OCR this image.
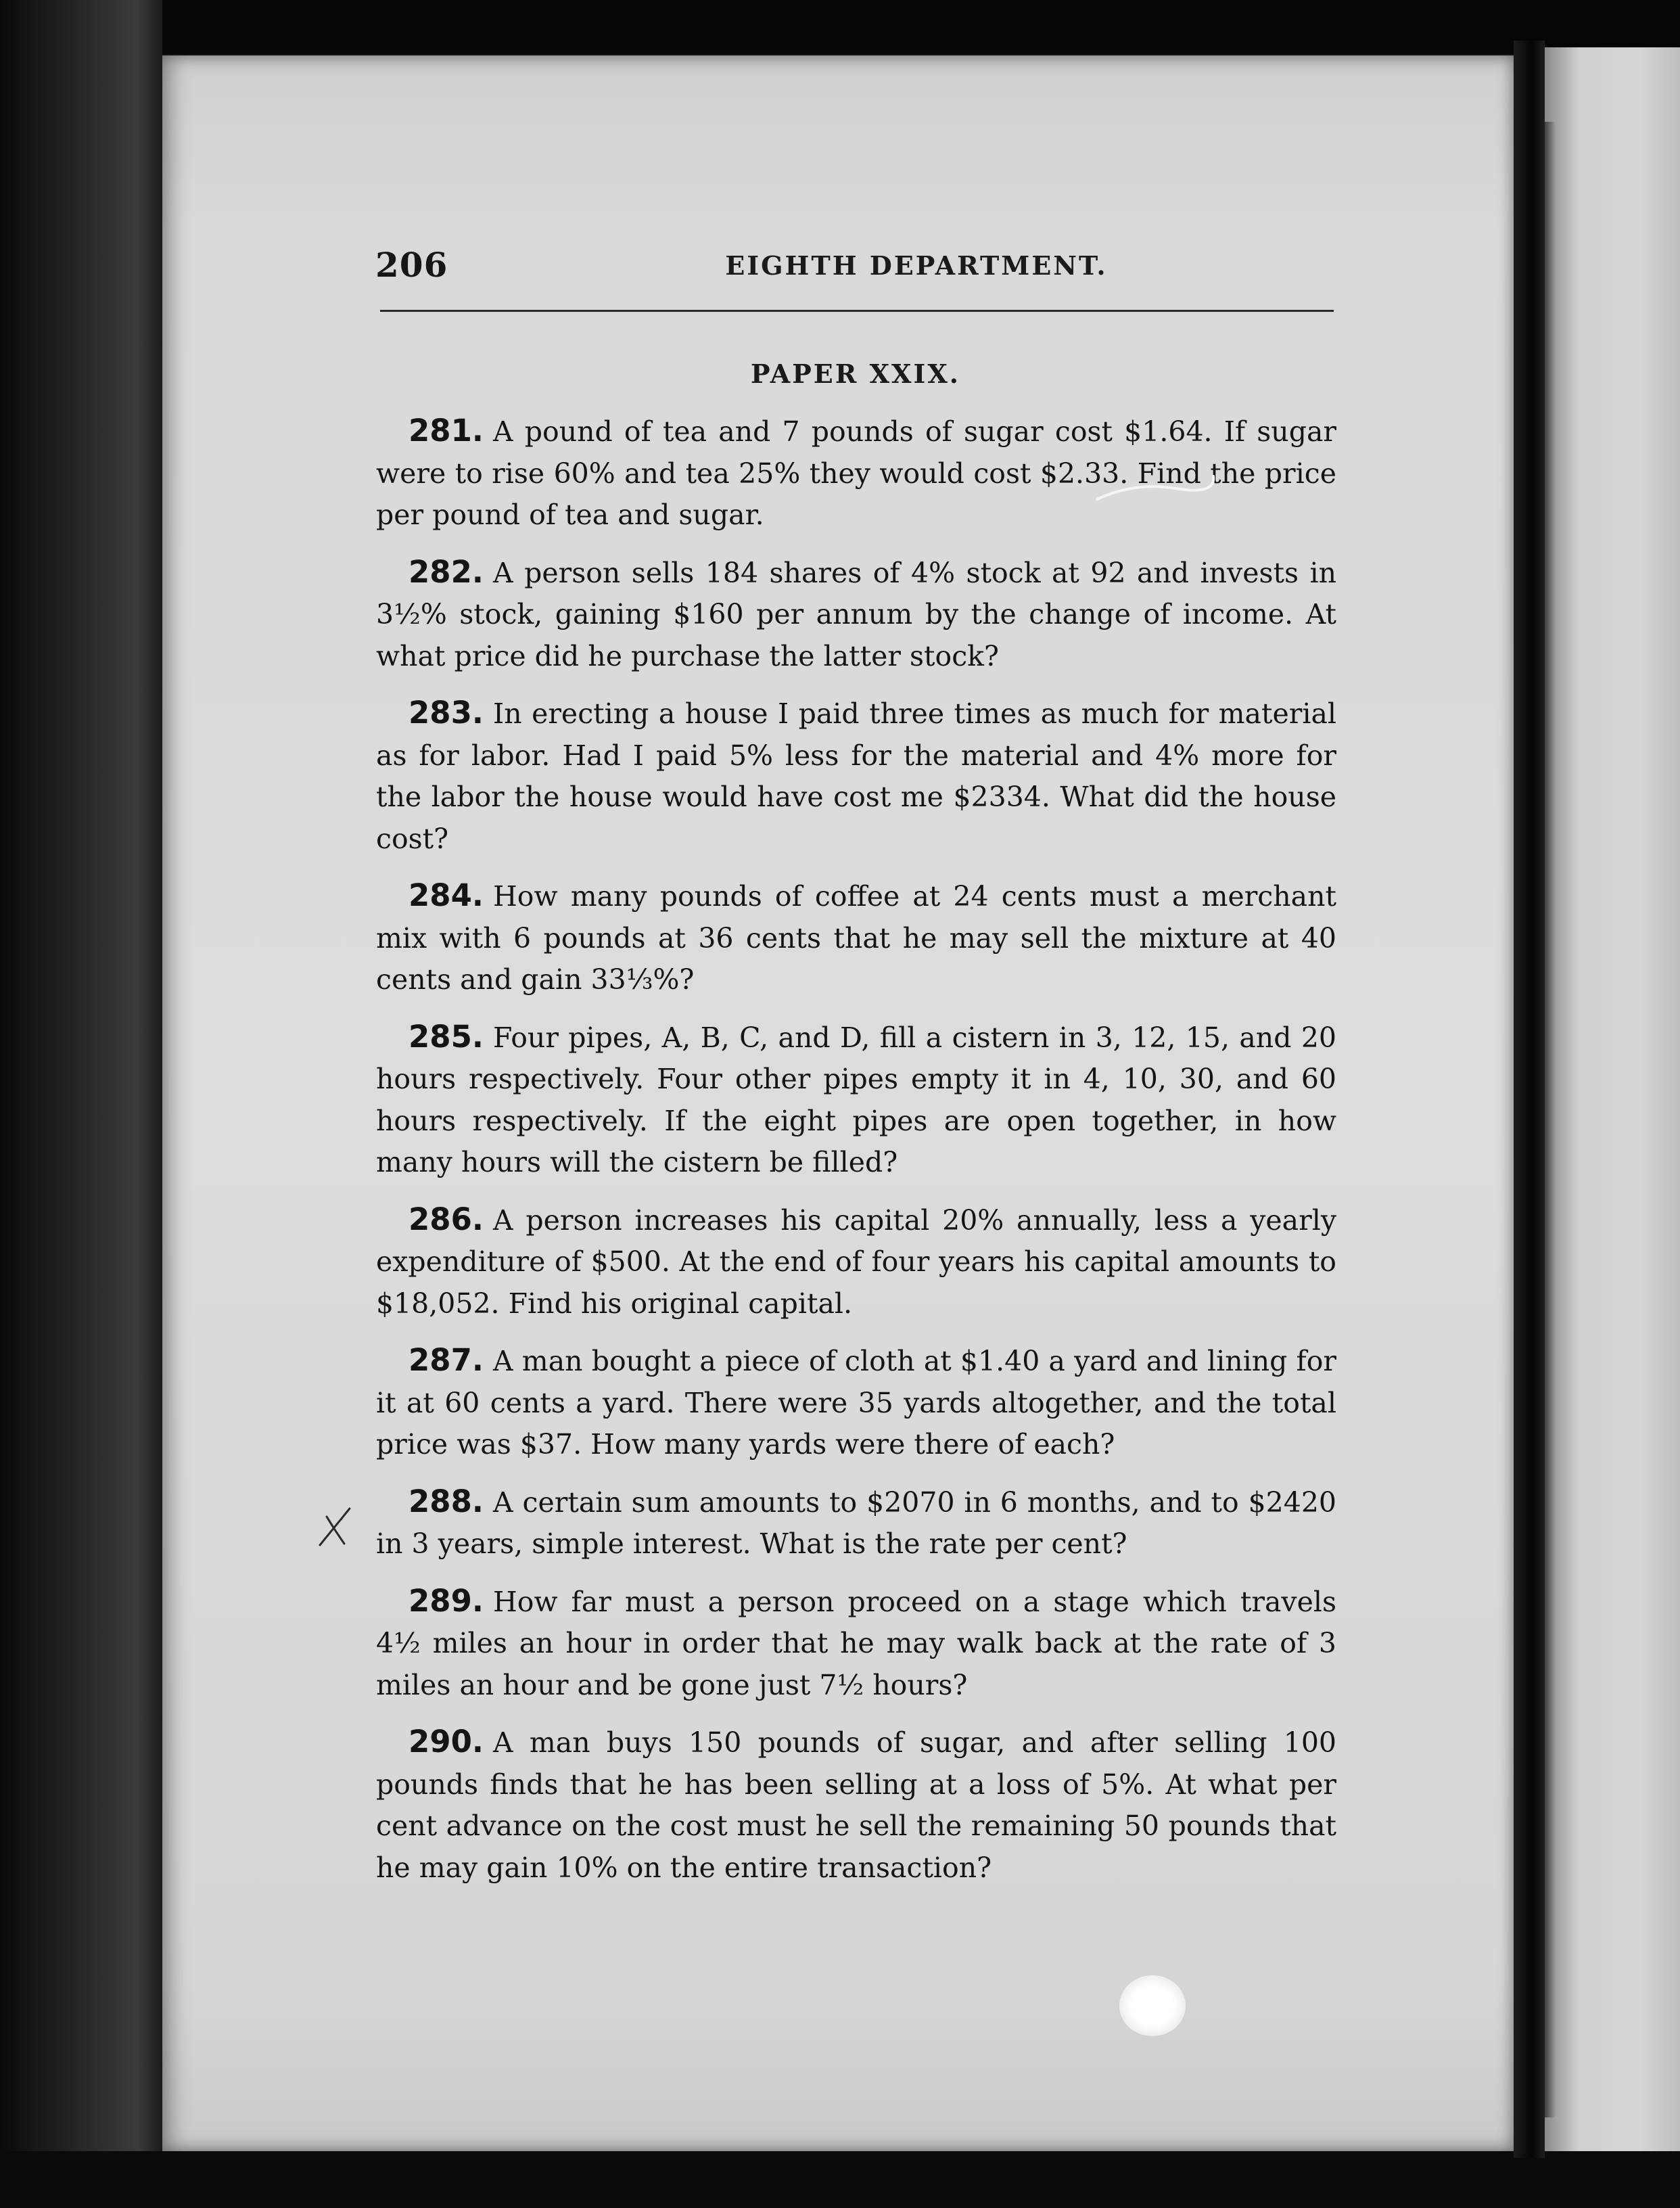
206	EIGHTH DEPARTMENT.
PAPER XXIX.

281. A pound of tea and 7 pounds of sugar cost $1.64. If sugar were to rise 60% and tea 25% they would cost $2.33. Find the price per pound of tea and sugar.

282. A person sells 184 shares of 4% stock at 92 and invests in 3½% stock, gaining $160 per annum by the change of income. At what price did he purchase the latter stock?

283. In erecting a house I paid three times as much for material as for labor. Had I paid 5% less for the material and 4% more for the labor the house would have cost me $2334. What did the house cost?

284. How many pounds of coffee at 24 cents must a merchant mix with 6 pounds at 36 cents that he may sell the mixture at 40 cents and gain 33⅓%?

285. Four pipes, A, B, C, and D, fill a cistern in 3, 12, 15, and 20 hours respectively. Four other pipes empty it in 4, 10, 30, and 60 hours respectively. If the eight pipes are open together, in how many hours will the cistern be filled?

286. A person increases his capital 20% annually, less a yearly expenditure of $500. At the end of four years his capital amounts to $18,052. Find his original capital.

287. A man bought a piece of cloth at $1.40 a yard and lining for it at 60 cents a yard. There were 35 yards altogether, and the total price was $37. How many yards were there of each?

288. A certain sum amounts to $2070 in 6 months, and to $2420 in 3 years, simple interest. What is the rate per cent?

289. How far must a person proceed on a stage which travels 4½ miles an hour in order that he may walk back at the rate of 3 miles an hour and be gone just 7½ hours?

290. A man buys 150 pounds of sugar, and after selling 100 pounds finds that he has been selling at a loss of 5%. At what per cent advance on the cost must he sell the remaining 50 pounds that he may gain 10% on the entire transaction?
